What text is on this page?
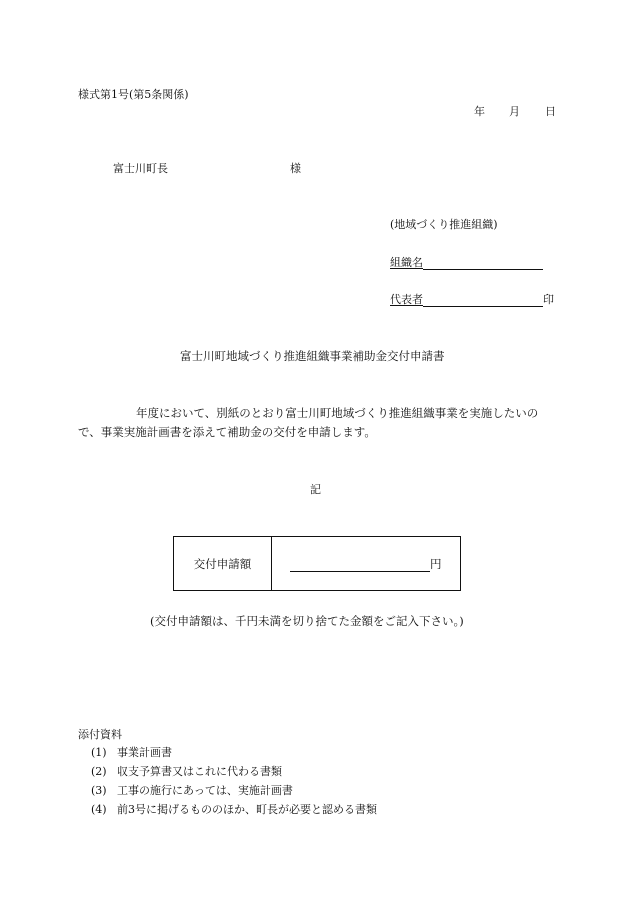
様式第1号(第5条関係)
年 月 日
富士川町長	様
(地域づくり推進組織)
組織名
代表者	印
富士川町地域づくり推進組織事業補助金交付申請書
年度において、別紙のとおり富士川町地域づくり推進組織事業を実施したいの
で、事業実施計画書を添えて補助金の交付を申請します。
記
交付申請額	円
(交付申請額は、千円未満を切り捨てた金額をご記入下さい。)
添付資料
(1) 事業計画書
(2) 収支予算書又はこれに代わる書類
(3) 工事の施行にあっては、実施計画書
(4) 前3号に掲げるもののほか、町長が必要と認める書類
